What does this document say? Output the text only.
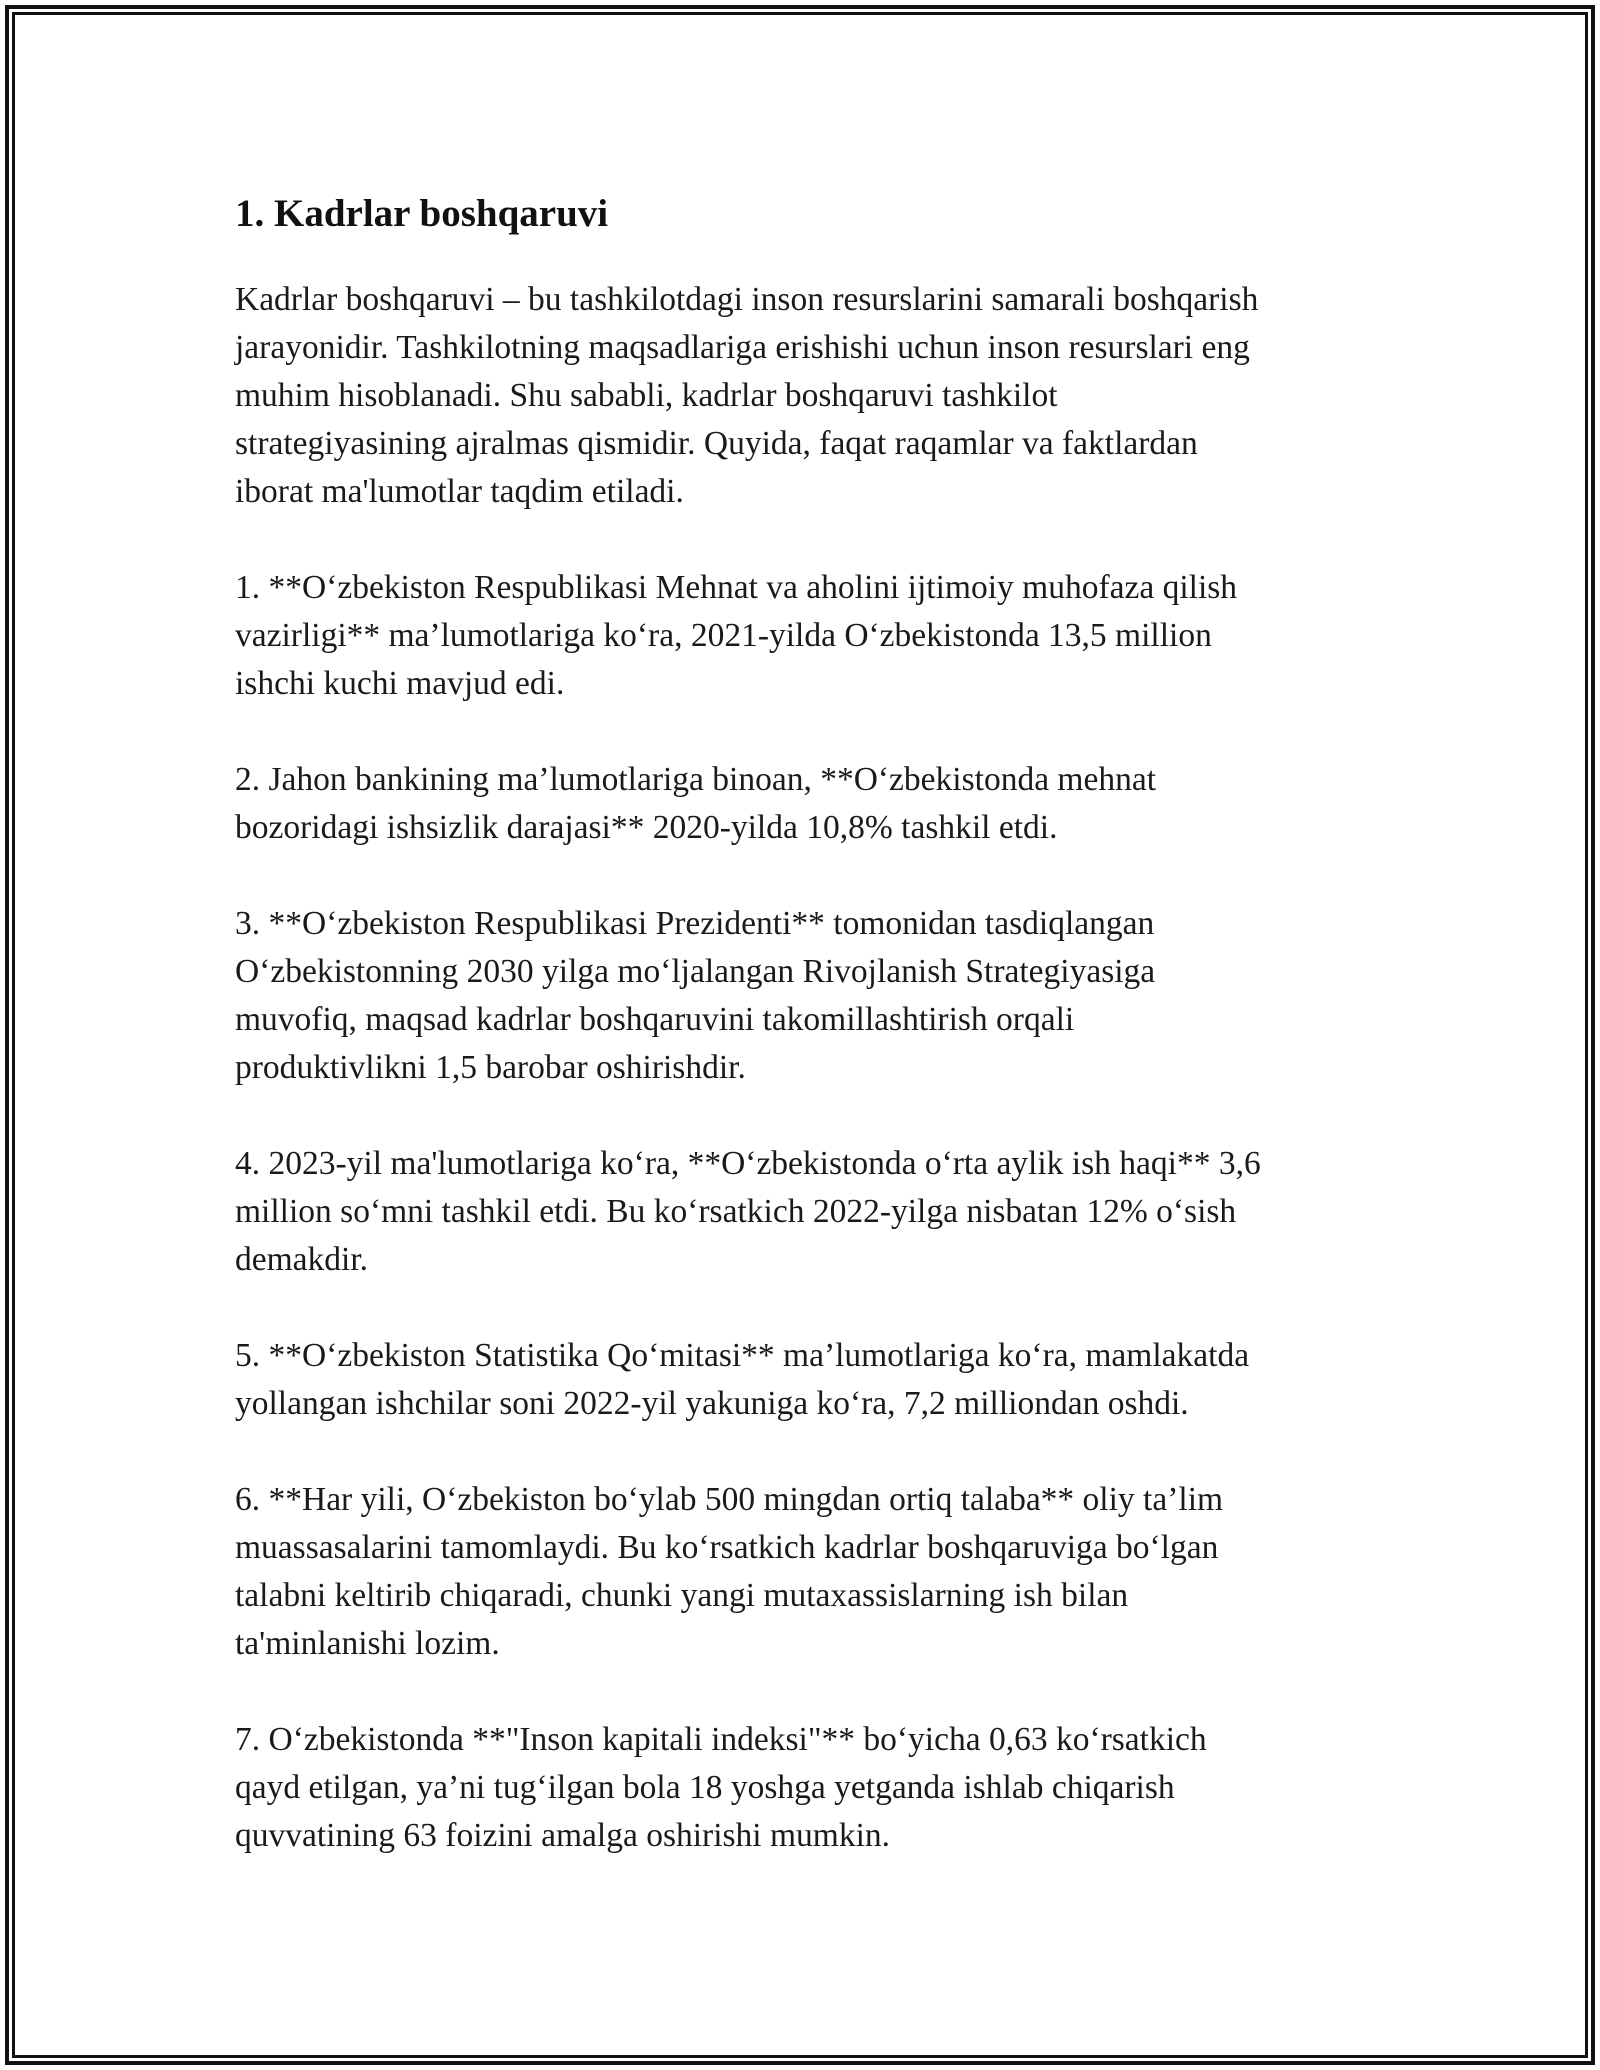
1. Kadrlar boshqaruvi

Kadrlar boshqaruvi – bu tashkilotdagi inson resurslarini samarali boshqarish
jarayonidir. Tashkilotning maqsadlariga erishishi uchun inson resurslari eng
muhim hisoblanadi. Shu sababli, kadrlar boshqaruvi tashkilot
strategiyasining ajralmas qismidir. Quyida, faqat raqamlar va faktlardan
iborat ma'lumotlar taqdim etiladi.

1. **O‘zbekiston Respublikasi Mehnat va aholini ijtimoiy muhofaza qilish
vazirligi** ma’lumotlariga ko‘ra, 2021-yilda O‘zbekistonda 13,5 million
ishchi kuchi mavjud edi.

2. Jahon bankining ma’lumotlariga binoan, **O‘zbekistonda mehnat
bozoridagi ishsizlik darajasi** 2020-yilda 10,8% tashkil etdi.

3. **O‘zbekiston Respublikasi Prezidenti** tomonidan tasdiqlangan
O‘zbekistonning 2030 yilga mo‘ljalangan Rivojlanish Strategiyasiga
muvofiq, maqsad kadrlar boshqaruvini takomillashtirish orqali
produktivlikni 1,5 barobar oshirishdir.

4. 2023-yil ma'lumotlariga ko‘ra, **O‘zbekistonda o‘rta aylik ish haqi** 3,6
million so‘mni tashkil etdi. Bu ko‘rsatkich 2022-yilga nisbatan 12% o‘sish
demakdir.

5. **O‘zbekiston Statistika Qo‘mitasi** ma’lumotlariga ko‘ra, mamlakatda
yollangan ishchilar soni 2022-yil yakuniga ko‘ra, 7,2 milliondan oshdi.

6. **Har yili, O‘zbekiston bo‘ylab 500 mingdan ortiq talaba** oliy ta’lim
muassasalarini tamomlaydi. Bu ko‘rsatkich kadrlar boshqaruviga bo‘lgan
talabni keltirib chiqaradi, chunki yangi mutaxassislarning ish bilan
ta'minlanishi lozim.

7. O‘zbekistonda **"Inson kapitali indeksi"** bo‘yicha 0,63 ko‘rsatkich
qayd etilgan, ya’ni tug‘ilgan bola 18 yoshga yetganda ishlab chiqarish
quvvatining 63 foizini amalga oshirishi mumkin.
